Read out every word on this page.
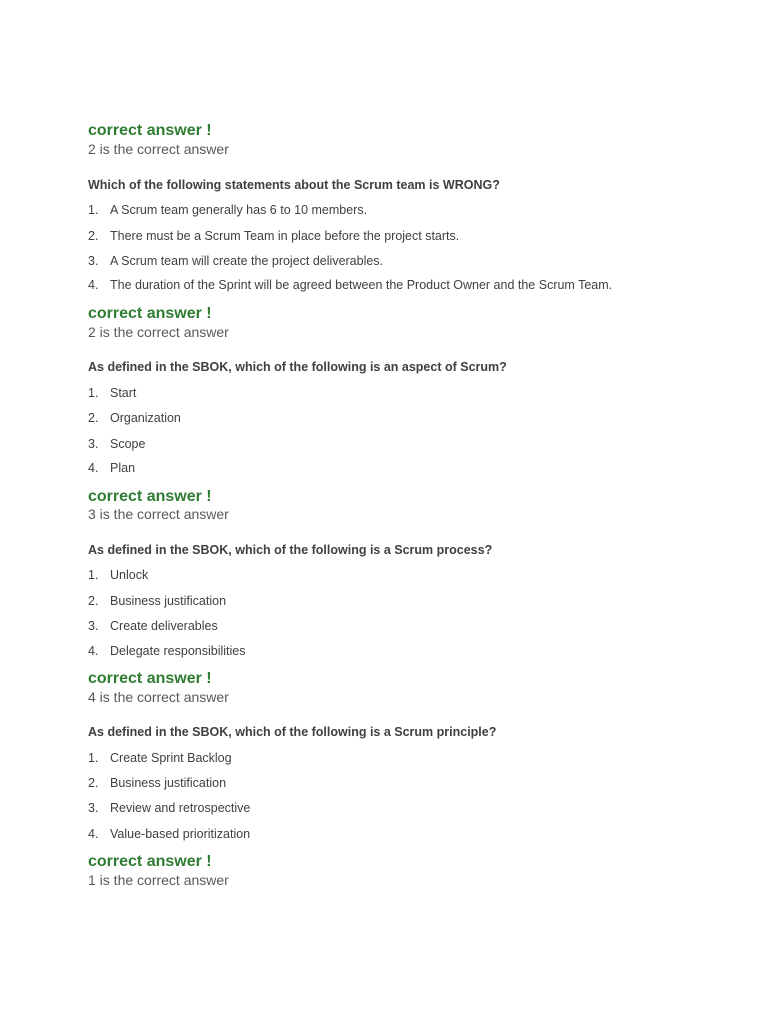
correct answer !
2 is the correct answer
Which of the following statements about the Scrum team is WRONG?
1. A Scrum team generally has 6 to 10 members.
2. There must be a Scrum Team in place before the project starts.
3. A Scrum team will create the project deliverables.
4. The duration of the Sprint will be agreed between the Product Owner and the Scrum Team.
correct answer !
2 is the correct answer
As defined in the SBOK, which of the following is an aspect of Scrum?
1. Start
2. Organization
3. Scope
4. Plan
correct answer !
3 is the correct answer
As defined in the SBOK, which of the following is a Scrum process?
1. Unlock
2. Business justification
3. Create deliverables
4. Delegate responsibilities
correct answer !
4 is the correct answer
As defined in the SBOK, which of the following is a Scrum principle?
1. Create Sprint Backlog
2. Business justification
3. Review and retrospective
4. Value-based prioritization
correct answer !
1 is the correct answer
